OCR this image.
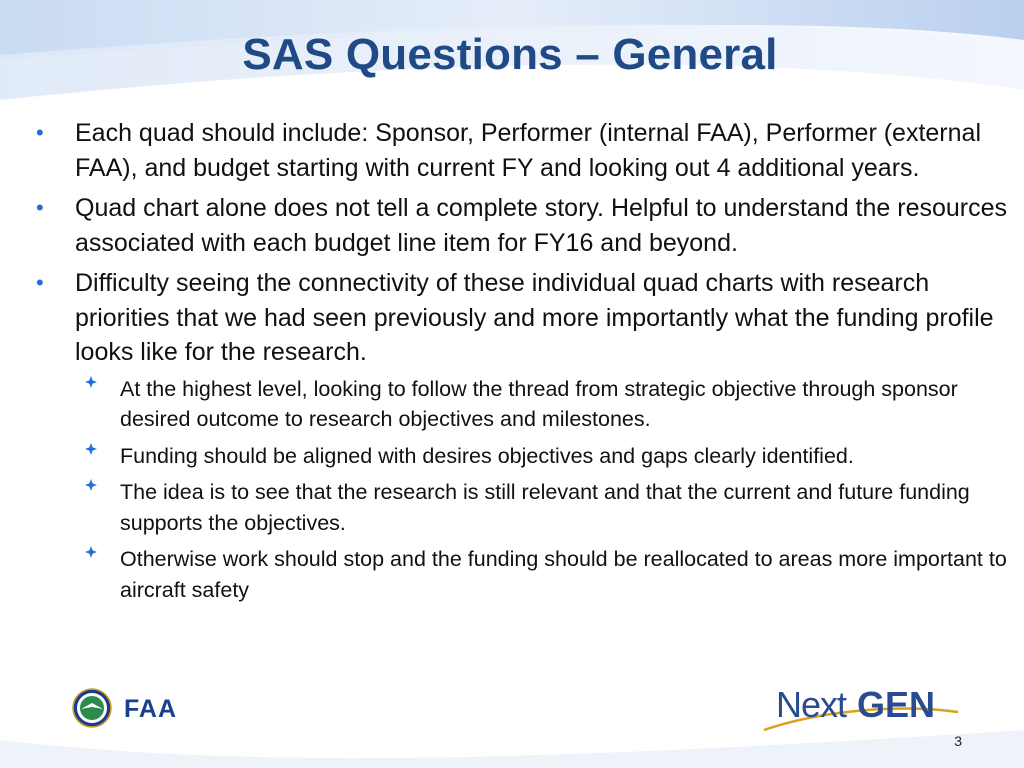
SAS Questions – General
• Each quad should include: Sponsor, Performer (internal FAA), Performer (external FAA), and budget starting with current FY and looking out 4 additional years.
• Quad chart alone does not tell a complete story. Helpful to understand the resources associated with each budget line item for FY16 and beyond.
• Difficulty seeing the connectivity of these individual quad charts with research priorities that we had seen previously and more importantly what the funding profile looks like for the research.
At the highest level, looking to follow the thread from strategic objective through sponsor desired outcome to research objectives and milestones.
Funding should be aligned with desires objectives and gaps clearly identified.
The idea is to see that the research is still relevant and that the current and future funding supports the objectives.
Otherwise work should stop and the funding should be reallocated to areas more important to aircraft safety
FAA	Next GEN
3
